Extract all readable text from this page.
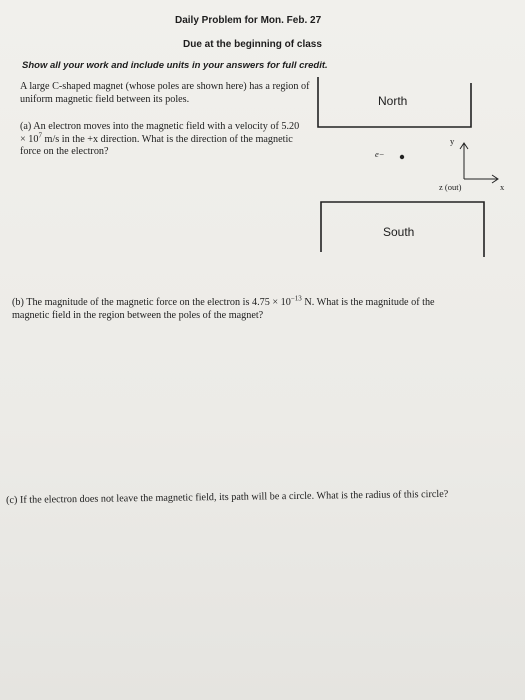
Daily Problem for Mon. Feb. 27
Due at the beginning of class
Show all your work and include units in your answers for full credit.
A large C-shaped magnet (whose poles are shown here) has a region of uniform magnetic field between its poles.
(a) An electron moves into the magnetic field with a velocity of $5.20 \times 10^7$ m/s in the +x direction. What is the direction of the magnetic force on the electron?
(b) The magnitude of the magnetic force on the electron is $4.75 \times 10^{-13}$ N. What is the magnitude of the magnetic field in the region between the poles of the magnet?
(c) If the electron does not leave the magnetic field, its path will be a circle. What is the radius of this circle?
North
South
y
z (out)	x
e−
